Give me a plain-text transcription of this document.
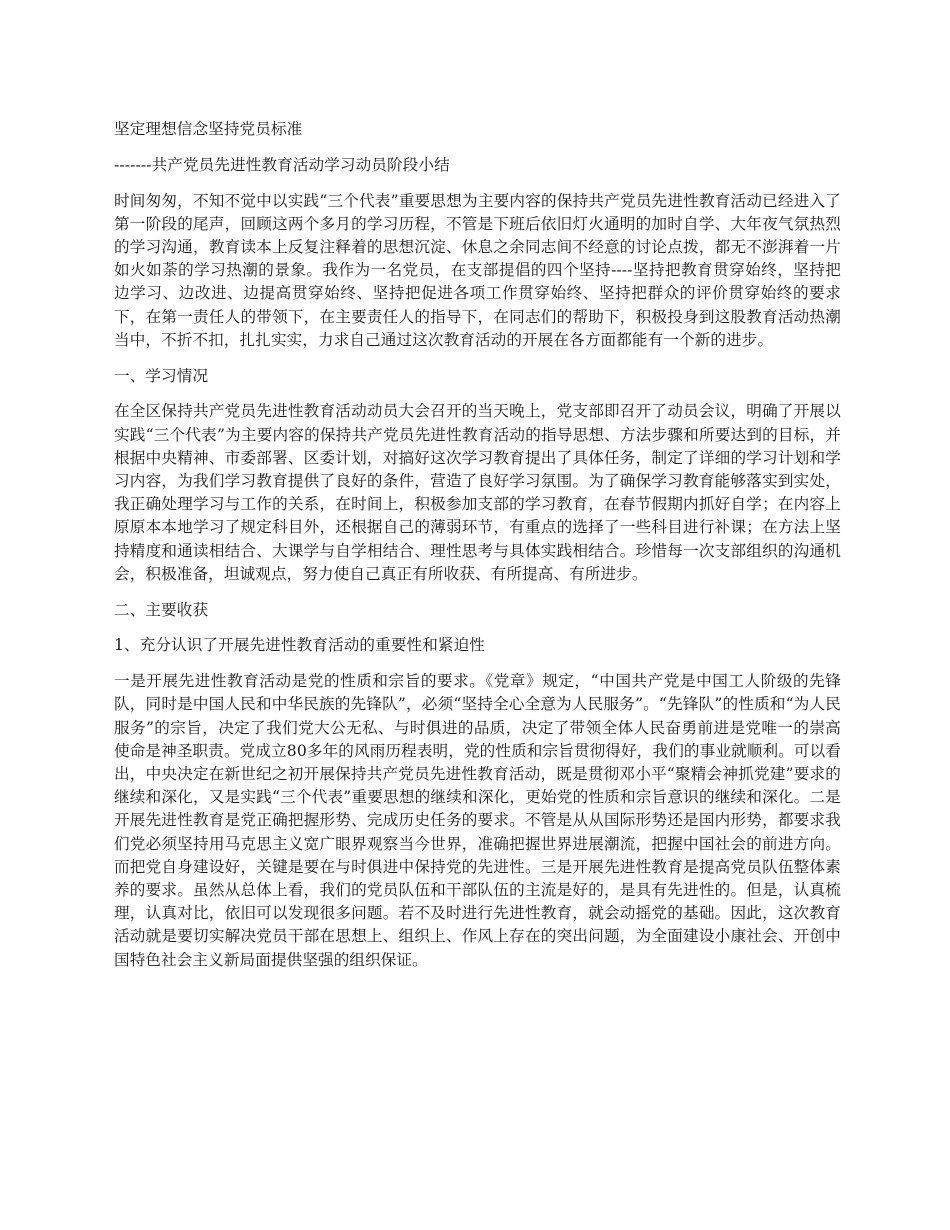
坚定理想信念坚持党员标准

-------共产党员先进性教育活动学习动员阶段小结

时间匆匆，不知不觉中以实践“三个代表”重要思想为主要内容的保持共产党员先进性教育活动已经进入了第一阶段的尾声，回顾这两个多月的学习历程，不管是下班后依旧灯火通明的加时自学、大年夜气氛热烈的学习沟通，教育读本上反复注释着的思想沉淀、休息之余同志间不经意的讨论点拨，都无不澎湃着一片如火如荼的学习热潮的景象。我作为一名党员，在支部提倡的四个坚持----坚持把教育贯穿始终，坚持把边学习、边改进、边提高贯穿始终、坚持把促进各项工作贯穿始终、坚持把群众的评价贯穿始终的要求下，在第一责任人的带领下，在主要责任人的指导下，在同志们的帮助下，积极投身到这股教育活动热潮当中，不折不扣，扎扎实实，力求自己通过这次教育活动的开展在各方面都能有一个新的进步。

一、学习情况

在全区保持共产党员先进性教育活动动员大会召开的当天晚上，党支部即召开了动员会议，明确了开展以实践“三个代表”为主要内容的保持共产党员先进性教育活动的指导思想、方法步骤和所要达到的目标，并根据中央精神、市委部署、区委计划，对搞好这次学习教育提出了具体任务，制定了详细的学习计划和学习内容，为我们学习教育提供了良好的条件，营造了良好学习氛围。为了确保学习教育能够落实到实处，我正确处理学习与工作的关系，在时间上，积极参加支部的学习教育，在春节假期内抓好自学；在内容上原原本本地学习了规定科目外，还根据自己的薄弱环节，有重点的选择了一些科目进行补课；在方法上坚持精度和通读相结合、大课学与自学相结合、理性思考与具体实践相结合。珍惜每一次支部组织的沟通机会，积极准备，坦诚观点，努力使自己真正有所收获、有所提高、有所进步。

二、主要收获

1、充分认识了开展先进性教育活动的重要性和紧迫性

一是开展先进性教育活动是党的性质和宗旨的要求。《党章》规定，“中国共产党是中国工人阶级的先锋队，同时是中国人民和中华民族的先锋队”，必须“坚持全心全意为人民服务”。“先锋队”的性质和“为人民服务”的宗旨，决定了我们党大公无私、与时俱进的品质，决定了带领全体人民奋勇前进是党唯一的崇高使命是神圣职责。党成立80多年的风雨历程表明，党的性质和宗旨贯彻得好，我们的事业就顺利。可以看出，中央决定在新世纪之初开展保持共产党员先进性教育活动，既是贯彻邓小平“聚精会神抓党建”要求的继续和深化，又是实践“三个代表”重要思想的继续和深化，更始党的性质和宗旨意识的继续和深化。二是开展先进性教育是党正确把握形势、完成历史任务的要求。不管是从从国际形势还是国内形势，都要求我们党必须坚持用马克思主义宽广眼界观察当今世界，准确把握世界进展潮流，把握中国社会的前进方向。而把党自身建设好，关键是要在与时俱进中保持党的先进性。三是开展先进性教育是提高党员队伍整体素养的要求。虽然从总体上看，我们的党员队伍和干部队伍的主流是好的，是具有先进性的。但是，认真梳理，认真对比，依旧可以发现很多问题。若不及时进行先进性教育，就会动摇党的基础。因此，这次教育活动就是要切实解决党员干部在思想上、组织上、作风上存在的突出问题，为全面建设小康社会、开创中国特色社会主义新局面提供坚强的组织保证。
